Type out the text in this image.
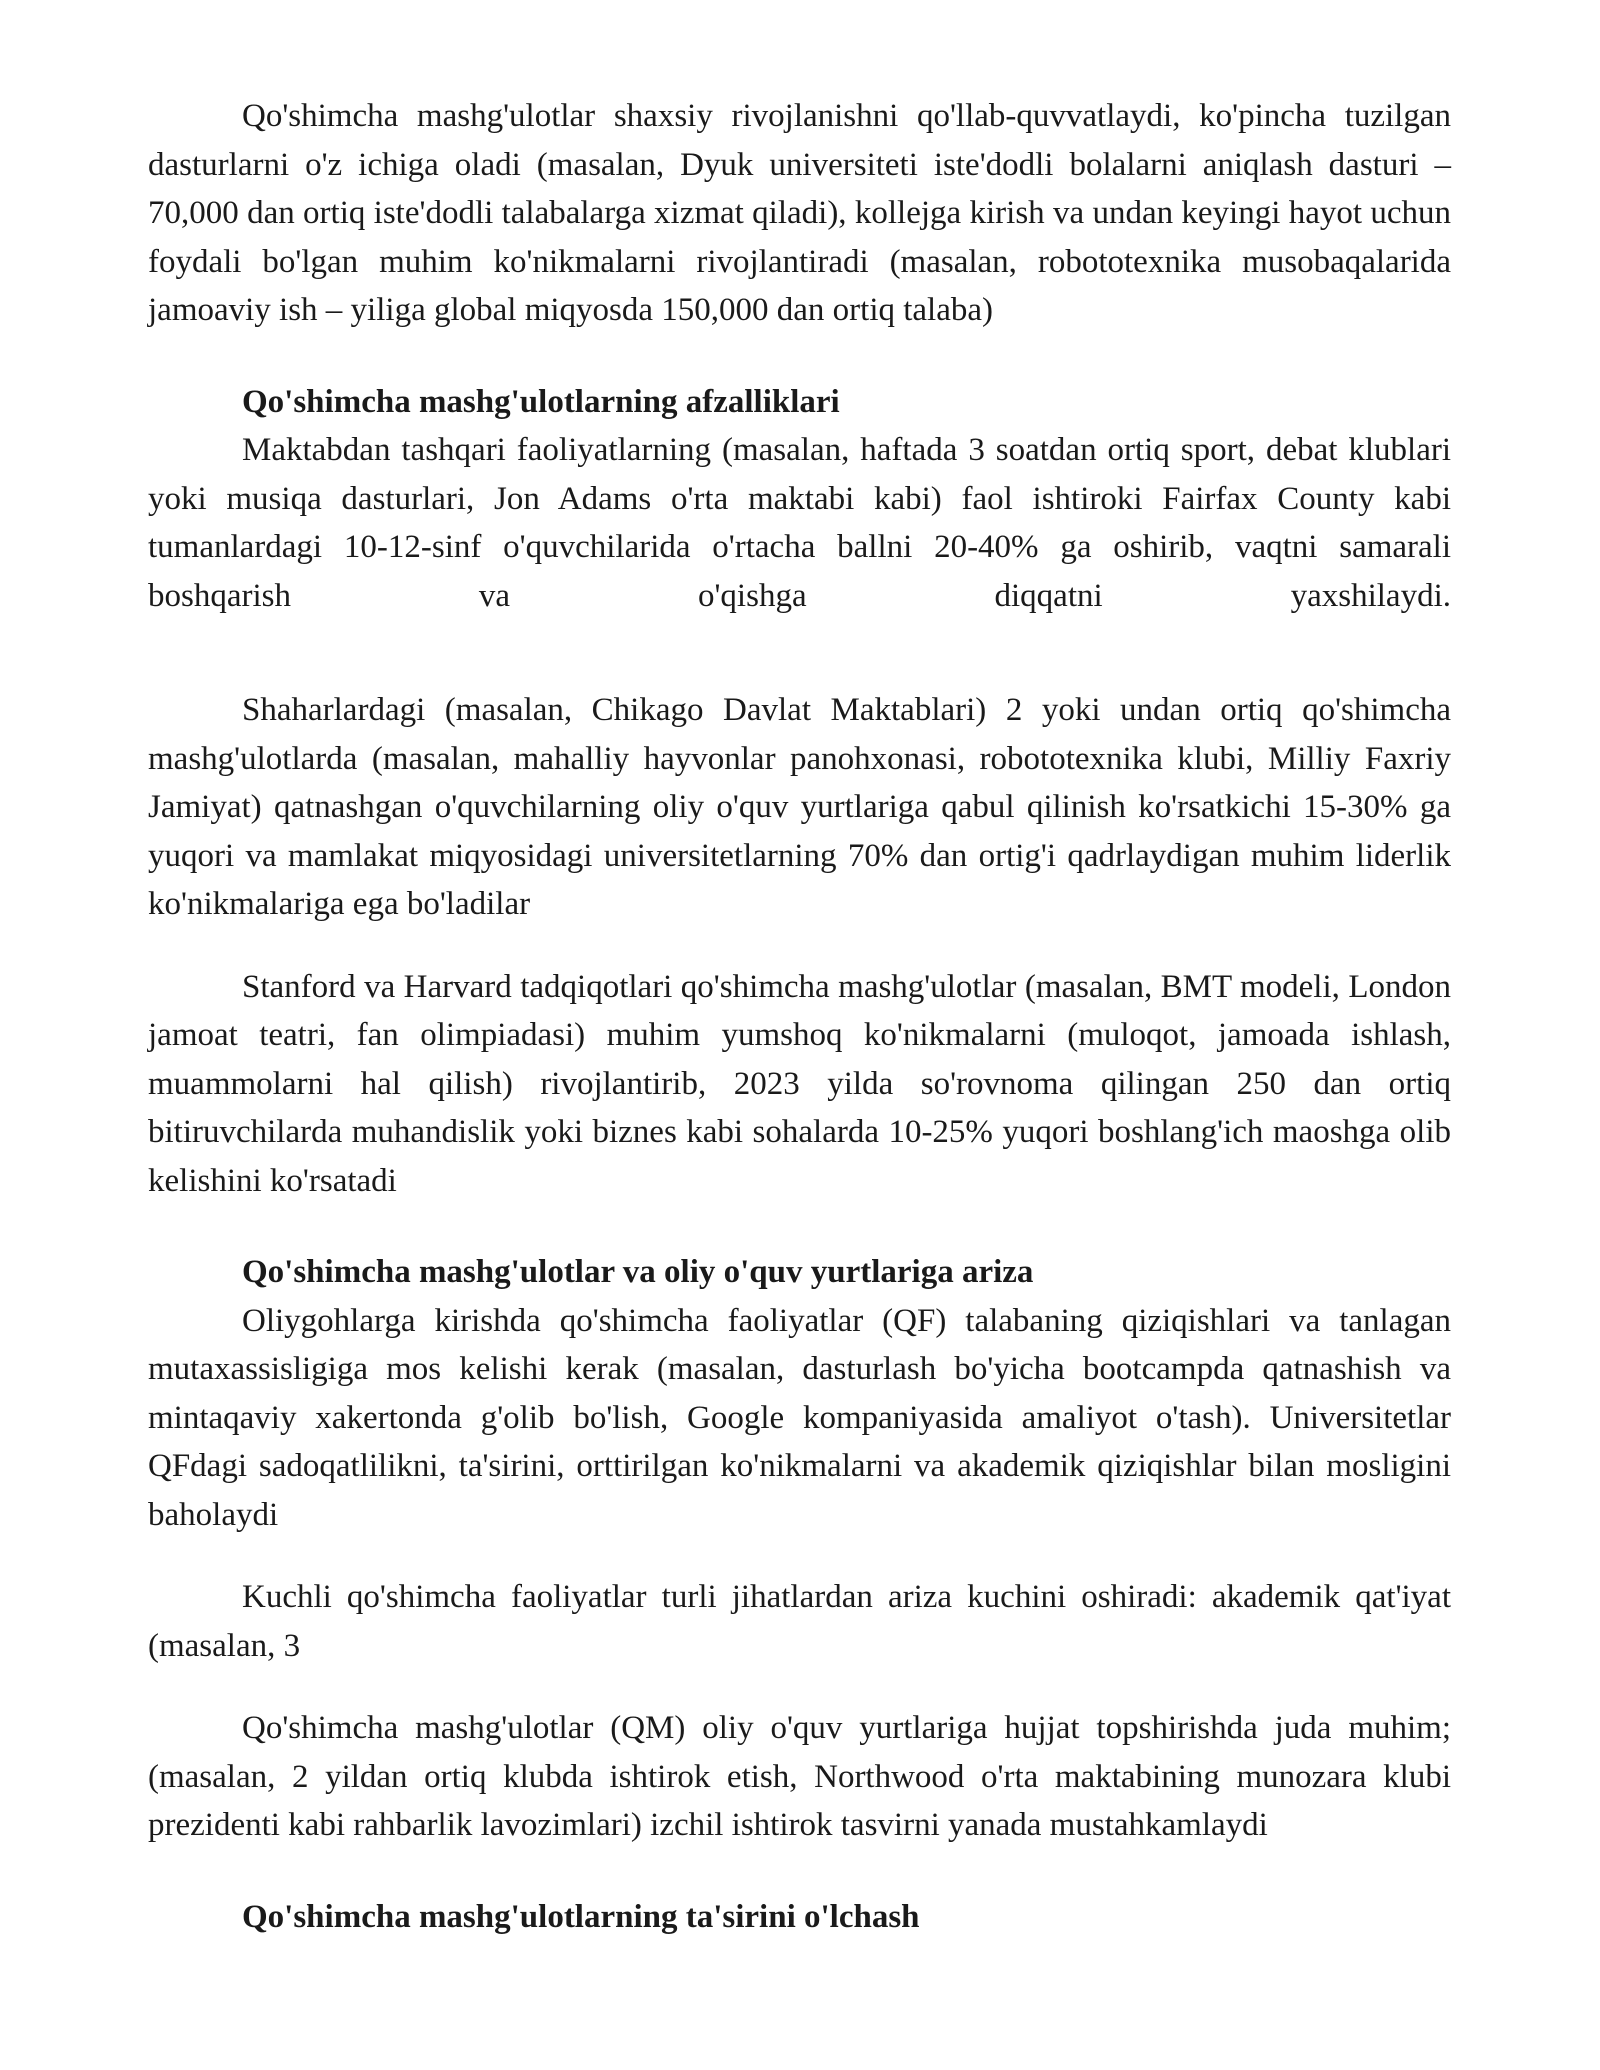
Qo'shimcha mashg'ulotlar shaxsiy rivojlanishni qo'llab-quvvatlaydi, ko'pincha tuzilgan dasturlarni o'z ichiga oladi (masalan, Dyuk universiteti iste'dodli bolalarni aniqlash dasturi – 70,000 dan ortiq iste'dodli talabalarga xizmat qiladi), kollejga kirish va undan keyingi hayot uchun foydali bo'lgan muhim ko'nikmalarni rivojlantiradi (masalan, robototexnika musobaqalarida jamoaviy ish – yiliga global miqyosda 150,000 dan ortiq talaba)

Qo'shimcha mashg'ulotlarning afzalliklari

Maktabdan tashqari faoliyatlarning (masalan, haftada 3 soatdan ortiq sport, debat klublari yoki musiqa dasturlari, Jon Adams o'rta maktabi kabi) faol ishtiroki Fairfax County kabi tumanlardagi 10-12-sinf o'quvchilarida o'rtacha ballni 20-40% ga oshirib, vaqtni samarali boshqarish va o'qishga diqqatni yaxshilaydi.

Shaharlardagi (masalan, Chikago Davlat Maktablari) 2 yoki undan ortiq qo'shimcha mashg'ulotlarda (masalan, mahalliy hayvonlar panohxonasi, robototexnika klubi, Milliy Faxriy Jamiyat) qatnashgan o'quvchilarning oliy o'quv yurtlariga qabul qilinish ko'rsatkichi 15-30% ga yuqori va mamlakat miqyosidagi universitetlarning 70% dan ortig'i qadrlaydigan muhim liderlik ko'nikmalariga ega bo'ladilar

Stanford va Harvard tadqiqotlari qo'shimcha mashg'ulotlar (masalan, BMT modeli, London jamoat teatri, fan olimpiadasi) muhim yumshoq ko'nikmalarni (muloqot, jamoada ishlash, muammolarni hal qilish) rivojlantirib, 2023 yilda so'rovnoma qilingan 250 dan ortiq bitiruvchilarda muhandislik yoki biznes kabi sohalarda 10-25% yuqori boshlang'ich maoshga olib kelishini ko'rsatadi

Qo'shimcha mashg'ulotlar va oliy o'quv yurtlariga ariza

Oliygohlarga kirishda qo'shimcha faoliyatlar (QF) talabaning qiziqishlari va tanlagan mutaxassisligiga mos kelishi kerak (masalan, dasturlash bo'yicha bootcampda qatnashish va mintaqaviy xakertonda g'olib bo'lish, Google kompaniyasida amaliyot o'tash). Universitetlar QFdagi sadoqatlilikni, ta'sirini, orttirilgan ko'nikmalarni va akademik qiziqishlar bilan mosligini baholaydi

Kuchli qo'shimcha faoliyatlar turli jihatlardan ariza kuchini oshiradi: akademik qat'iyat (masalan, 3

Qo'shimcha mashg'ulotlar (QM) oliy o'quv yurtlariga hujjat topshirishda juda muhim; (masalan, 2 yildan ortiq klubda ishtirok etish, Northwood o'rta maktabining munozara klubi prezidenti kabi rahbarlik lavozimlari) izchil ishtirok tasvirni yanada mustahkamlaydi

Qo'shimcha mashg'ulotlarning ta'sirini o'lchash
